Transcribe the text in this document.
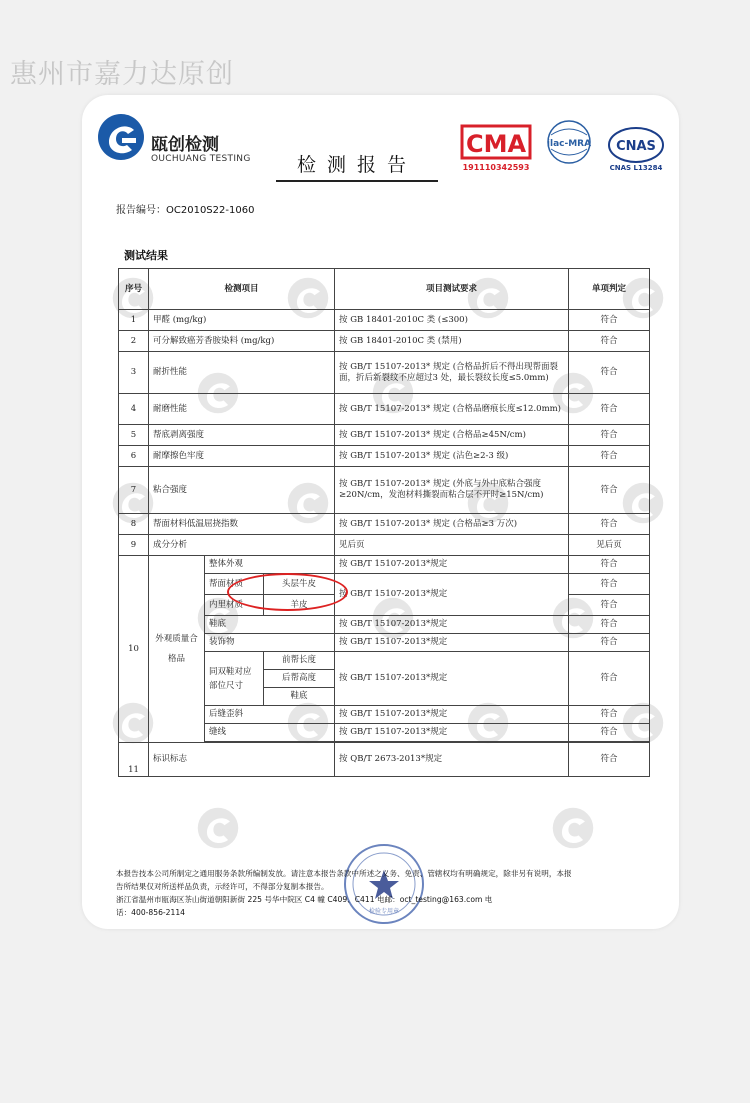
惠州市嘉力达原创
瓯创检测
OUCHUANG TESTING	检测报告
CMA
191110342593
ilac-MRA CNAS
CNAS L13284
报告编号：OC2010S22-1060
测试结果
序号	检测项目			项目测试要求	单项判定
1	甲醛 (mg/kg)			按 GB 18401-2010C 类 (≤300)	符合
2	可分解致癌芳香胺染料 (mg/kg)			按 GB 18401-2010C 类 (禁用)	符合
3	耐折性能			按 GB/T 15107-2013* 规定 (合格品折后不得出现帮面裂面，折后新裂纹不应超过3 处，最长裂纹长度≤5.0mm)	符合
4	耐磨性能			按 GB/T 15107-2013* 规定 (合格品磨痕长度≤12.0mm)	符合
5	帮底剥离强度			按 GB/T 15107-2013* 规定 (合格品≥45N/cm)	符合
6	耐摩擦色牢度			按 GB/T 15107-2013* 规定 (沾色≥2-3 级)	符合
7	粘合强度			按 GB/T 15107-2013* 规定 (外底与外中底粘合强度≥20N/cm，发泡材料撕裂而粘合层不开时≥15N/cm)	符合
8	帮面材料低温屈挠指数			按 GB/T 15107-2013* 规定 (合格品≥3 万次)	符合
9	成分分析			见后页	见后页
10	外观质量合格品	整体外观		按 GB/T 15107-2013*规定	符合
		帮面材质	头层牛皮	按 GB/T 15107-2013*规定	符合
		内里材质	羊皮		符合
		鞋底		按 GB/T 15107-2013*规定	符合
		装饰物		按 GB/T 15107-2013*规定	符合
		同双鞋对应部位尺寸	前帮长度	按 GB/T 15107-2013*规定	符合
			后帮高度		
			鞋底		
		后缝歪斜		按 GB/T 15107-2013*规定	符合
		缝线		按 GB/T 15107-2013*规定	符合

11	标识标志			按 QB/T 2673-2013*规定	符合
检验专用章
本报告技本公司所制定之通用服务条款所编制发放。请注意本报告条款中所述之义务、免责、管辖权均有明确规定，除非另有说明，本报
告所结果仅对所送样品负责，示经许可，不得部分复制本报告。
浙江省温州市瓯海区茶山街道朝阳新街 225 号华中院区 C4 幢 C409、C411 电邮：oct_testing@163.com 电
话：400-856-2114
